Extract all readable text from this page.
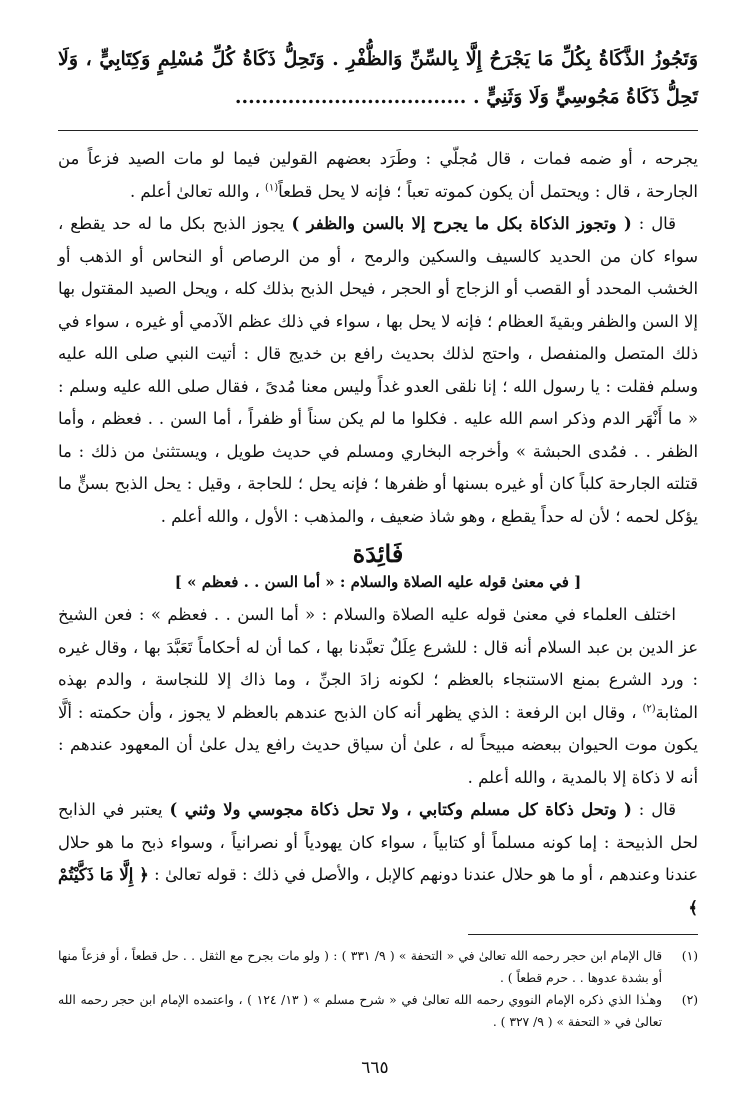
وَتَجُوزُ الذَّكَاةُ بِكُلِّ مَا يَجْرَحُ إِلَّا بِالسِّنِّ وَالظُّفْرِ . وَتَحِلُّ ذَكَاةُ كُلِّ مُسْلِمٍ وَكِتَابِيٍّ ، وَلَا تَحِلُّ ذَكَاةُ مَجُوسِيٍّ وَلَا وَثَنِيٍّ . ...................................

يجرحه ، أو ضمه فمات ، قال مُجلّي : وطَرَد بعضهم القولين فيما لو مات الصيد فزعاً من الجارحة ، قال : ويحتمل أن يكون كموته تعباً ؛ فإنه لا يحل قطعاً$^{(١)}$ ، والله تعالىٰ أعلم .

قال : ( وتجوز الذكاة بكل ما يجرح إلا بالسن والظفر ) يجوز الذبح بكل ما له حد يقطع ، سواء كان من الحديد كالسيف والسكين والرمح ، أو من الرصاص أو النحاس أو الذهب أو الخشب المحدد أو القصب أو الزجاج أو الحجر ، فيحل الذبح بذلك كله ، ويحل الصيد المقتول بها إلا السن والظفر وبقيةَ العظام ؛ فإنه لا يحل بها ، سواء في ذلك عظم الآدمي أو غيره ، سواء في ذلك المتصل والمنفصل ، واحتج لذلك بحديث رافع بن خديج قال : أتيت النبي صلى الله عليه وسلم فقلت : يا رسول الله ؛ إنا نلقى العدو غداً وليس معنا مُدىً ، فقال صلى الله عليه وسلم : « ما أَنْهَر الدم وذكر اسم الله عليه . فكلوا ما لم يكن سناً أو ظفراً ، أما السن . . فعظم ، وأما الظفر . . فمُدى الحبشة » وأخرجه البخاري ومسلم في حديث طويل ، ويستثنىٰ من ذلك : ما قتلته الجارحة كلباً كان أو غيره بسنها أو ظفرها ؛ فإنه يحل ؛ للحاجة ، وقيل : يحل الذبح بسنٍّ ما يؤكل لحمه ؛ لأن له حداً يقطع ، وهو شاذ ضعيف ، والمذهب : الأول ، والله أعلم .

فَائِدَة
[ في معنىٰ قوله عليه الصلاة والسلام : « أما السن . . فعظم » ]

اختلف العلماء في معنىٰ قوله عليه الصلاة والسلام : « أما السن . . فعظم » : فعن الشيخ عز الدين بن عبد السلام أنه قال : للشرع عِلَلٌ تعبَّدنا بها ، كما أن له أحكاماً تَعَبَّدَ بها ، وقال غيره : ورد الشرع بمنع الاستنجاء بالعظم ؛ لكونه زادَ الجنِّ ، وما ذاك إلا للنجاسة ، والدم بهذه المثابة$^{(٢)}$ ، وقال ابن الرفعة : الذي يظهر أنه كان الذبح عندهم بالعظم لا يجوز ، وأن حكمته : ألَّا يكون موت الحيوان ببعضه مبيحاً له ، علىٰ أن سياق حديث رافع يدل علىٰ أن المعهود عندهم : أنه لا ذكاة إلا بالمدية ، والله أعلم .

قال : ( وتحل ذكاة كل مسلم وكتابي ، ولا تحل ذكاة مجوسي ولا وثني ) يعتبر في الذابح لحل الذبيحة : إما كونه مسلماً أو كتابياً ، سواء كان يهودياً أو نصرانياً ، وسواء ذبح ما هو حلال عندنا وعندهم ، أو ما هو حلال عندنا دونهم كالإبل ، والأصل في ذلك : قوله تعالىٰ : ﴿ إِلَّا مَا ذَكَّيْتُمْ ﴾

(١)
قال الإمام ابن حجر رحمه الله تعالىٰ في « التحفة » ( ٩/ ٣٣١ ) : ( ولو مات بجرح مع الثقل . . حل قطعاً ، أو فزعاً منها أو بشدة عدوها . . حرم قطعاً ) .
(٢)
وهـٰذا الذي ذكره الإمام النووي رحمه الله تعالىٰ في « شرح مسلم » ( ١٣/ ١٢٤ ) ، واعتمده الإمام ابن حجر رحمه الله تعالىٰ في « التحفة » ( ٩/ ٣٢٧ ) .
٦٦٥
